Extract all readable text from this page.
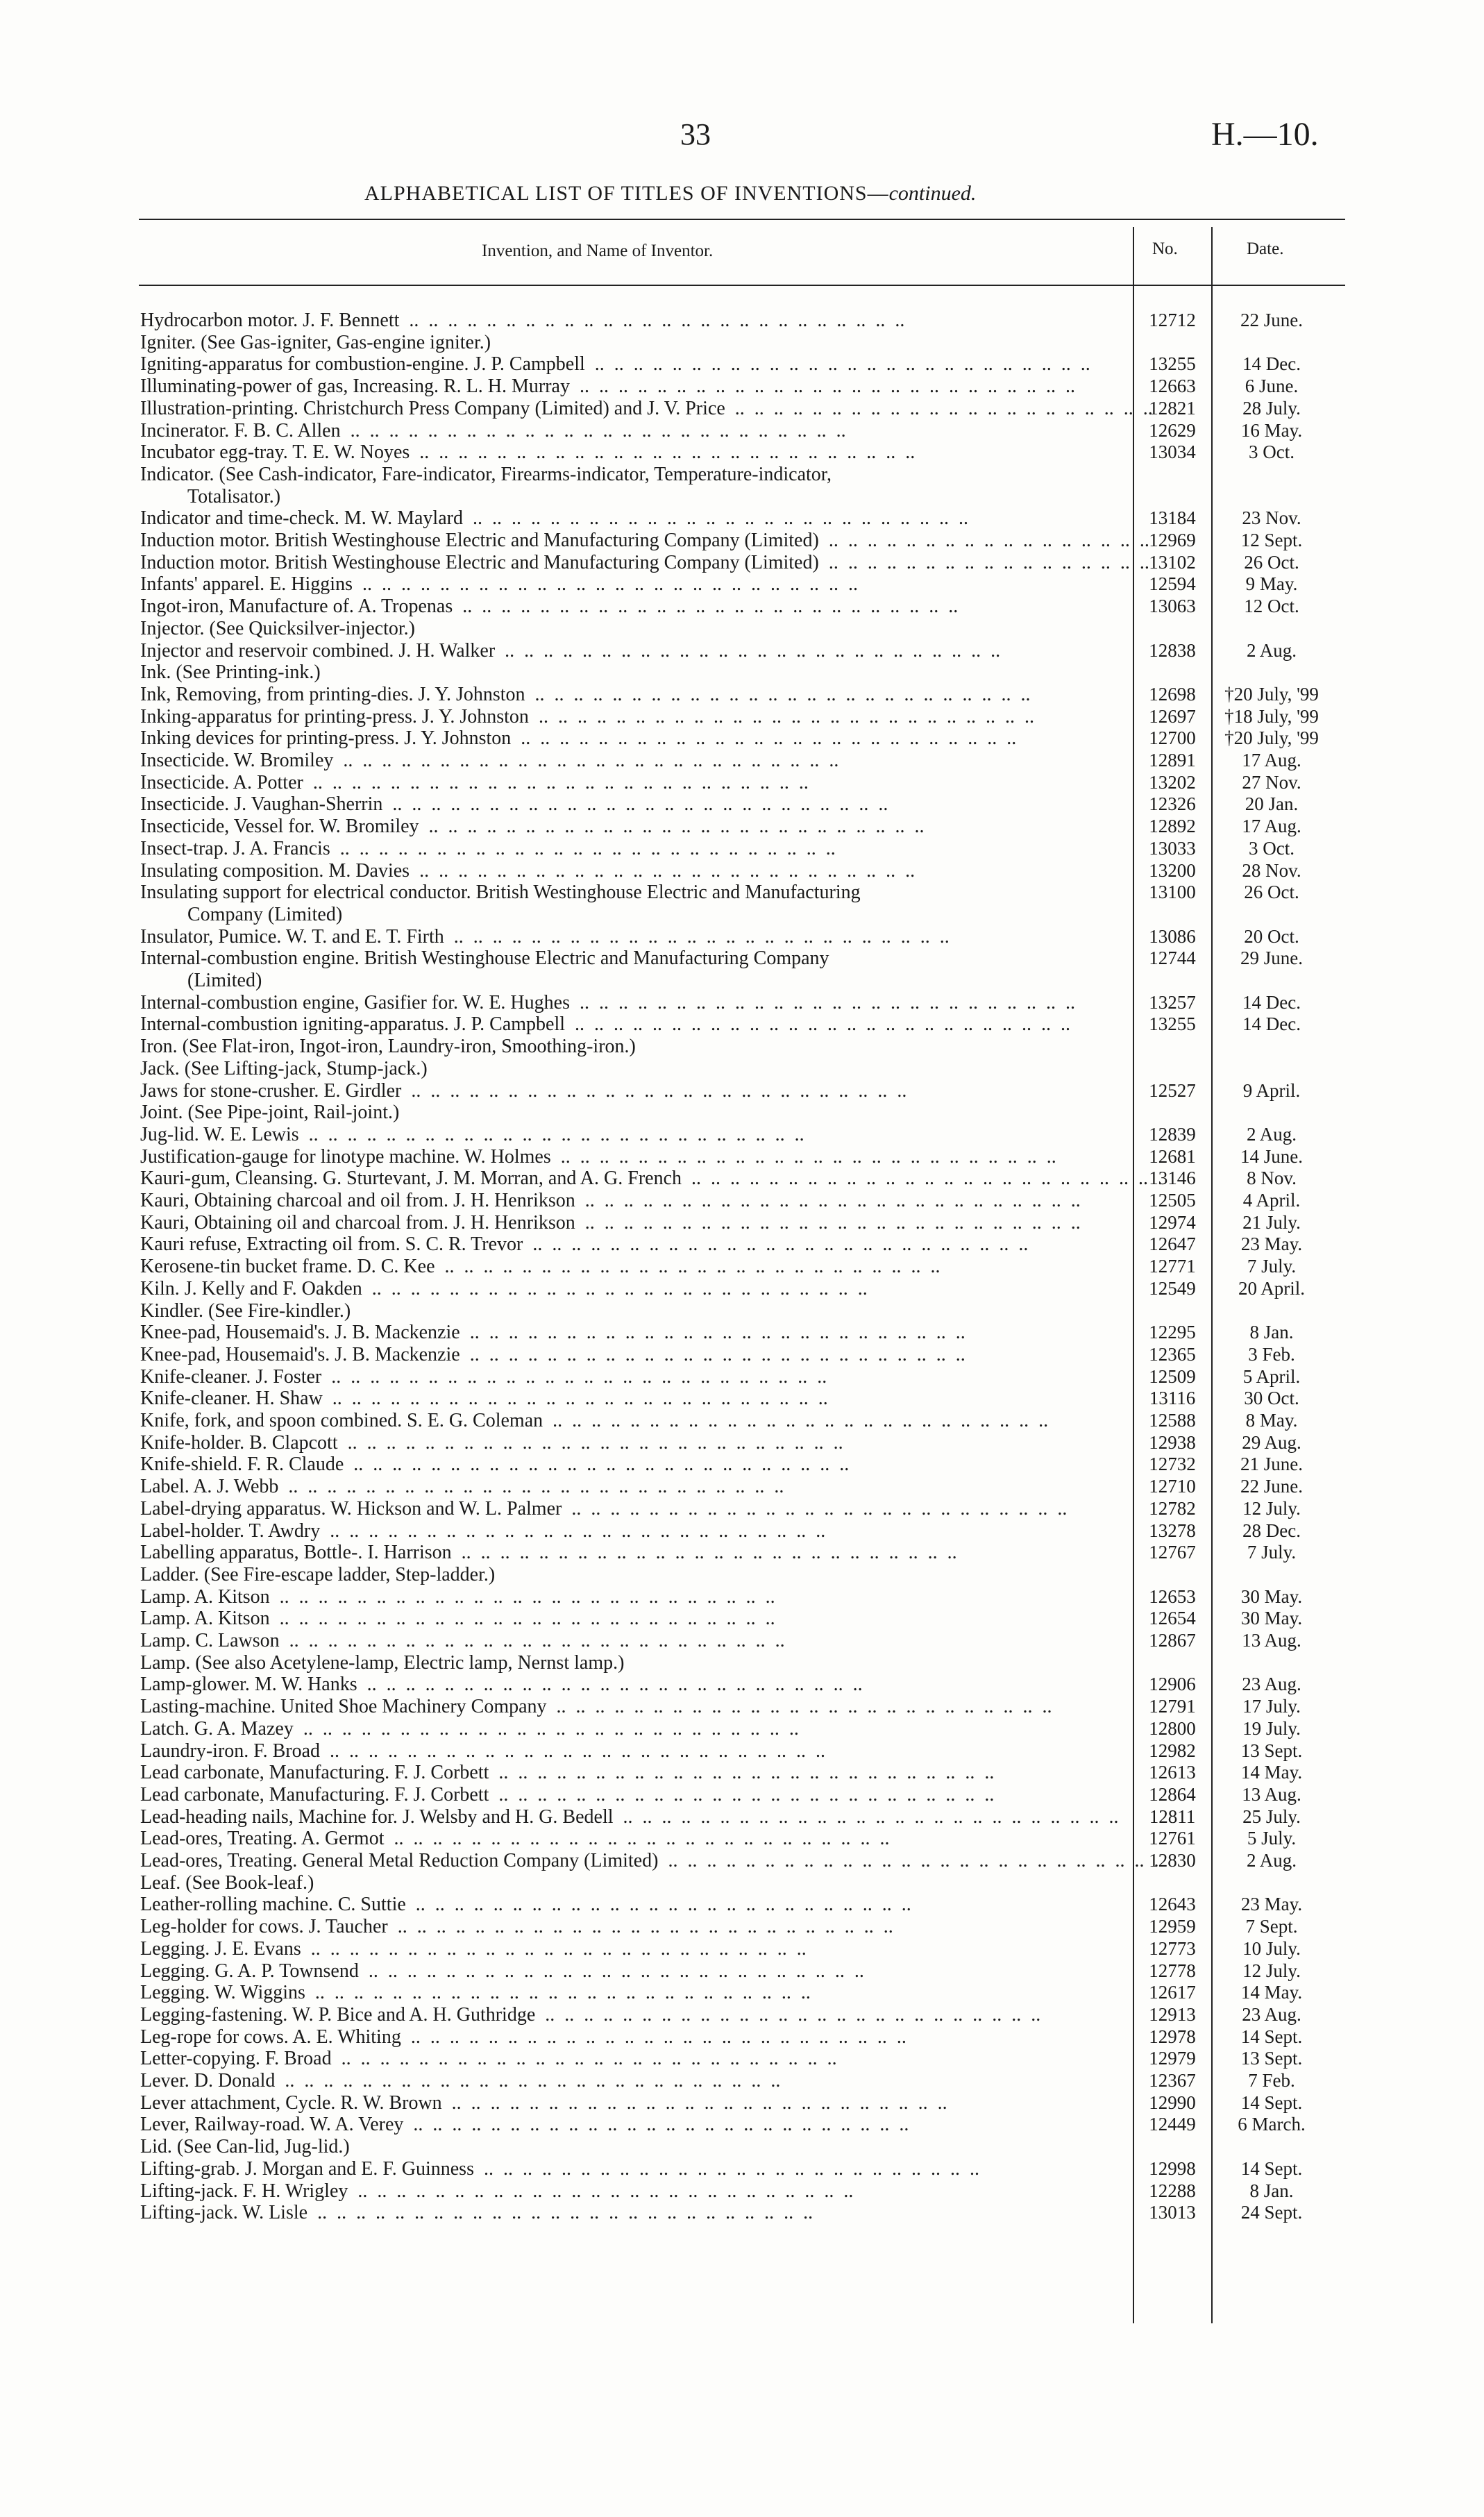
33	H.—10.
ALPHABETICAL LIST OF TITLES OF INVENTIONS—continued.
Invention, and Name of Inventor.	No.	Date.
Hydrocarbon motor. J. F. Bennett .. .	12712	22 June.
Igniter. (See Gas-igniter, Gas-engine igniter.)
Igniting-apparatus for combustion-engine. J. P. Campbell .. .	13255	14 Dec.
Illuminating-power of gas, Increasing. R. L. H. Murray .. .	12663	6 June.
Illustration-printing. Christchurch Press Company (Limited) and J. V. Price .. .	12821	28 July.
Incinerator. F. B. C. Allen .. .	12629	16 May.
Incubator egg-tray. T. E. W. Noyes .. .	13034	3 Oct.
Indicator. (See Cash-indicator, Fare-indicator, Firearms-indicator, Temperature-indicator,
Totalisator.)
Indicator and time-check. M. W. Maylard .. .	13184	23 Nov.
Induction motor. British Westinghouse Electric and Manufacturing Company (Limited) .. .	12969	12 Sept.
Induction motor. British Westinghouse Electric and Manufacturing Company (Limited) .. .	13102	26 Oct.
Infants' apparel. E. Higgins .. .	12594	9 May.
Ingot-iron, Manufacture of. A. Tropenas .. .	13063	12 Oct.
Injector. (See Quicksilver-injector.)
Injector and reservoir combined. J. H. Walker .. .	12838	2 Aug.
Ink. (See Printing-ink.)
Ink, Removing, from printing-dies. J. Y. Johnston .. .	12698	†20 July, '99
Inking-apparatus for printing-press. J. Y. Johnston .. .	12697	†18 July, '99
Inking devices for printing-press. J. Y. Johnston .. .	12700	†20 July, '99
Insecticide. W. Bromiley .. .	12891	17 Aug.
Insecticide. A. Potter .. .	13202	27 Nov.
Insecticide. J. Vaughan-Sherrin .. .	12326	20 Jan.
Insecticide, Vessel for. W. Bromiley .. .	12892	17 Aug.
Insect-trap. J. A. Francis .. .	13033	3 Oct.
Insulating composition. M. Davies .. .	13200	28 Nov.
Insulating support for electrical conductor. British Westinghouse Electric and Manufacturing	13100	26 Oct.
Company (Limited)
Insulator, Pumice. W. T. and E. T. Firth .. .	13086	20 Oct.
Internal-combustion engine. British Westinghouse Electric and Manufacturing Company	12744	29 June.
(Limited)
Internal-combustion engine, Gasifier for. W. E. Hughes .. .	13257	14 Dec.
Internal-combustion igniting-apparatus. J. P. Campbell .. .	13255	14 Dec.
Iron. (See Flat-iron, Ingot-iron, Laundry-iron, Smoothing-iron.)
Jack. (See Lifting-jack, Stump-jack.)
Jaws for stone-crusher. E. Girdler .. .	12527	9 April.
Joint. (See Pipe-joint, Rail-joint.)
Jug-lid. W. E. Lewis .. .	12839	2 Aug.
Justification-gauge for linotype machine. W. Holmes .. .	12681	14 June.
Kauri-gum, Cleansing. G. Sturtevant, J. M. Morran, and A. G. French .. .	13146	8 Nov.
Kauri, Obtaining charcoal and oil from. J. H. Henrikson .. .	12505	4 April.
Kauri, Obtaining oil and charcoal from. J. H. Henrikson .. .	12974	21 July.
Kauri refuse, Extracting oil from. S. C. R. Trevor .. .	12647	23 May.
Kerosene-tin bucket frame. D. C. Kee .. .	12771	7 July.
Kiln. J. Kelly and F. Oakden .. .	12549	20 April.
Kindler. (See Fire-kindler.)
Knee-pad, Housemaid's. J. B. Mackenzie .. .	12295	8 Jan.
Knee-pad, Housemaid's. J. B. Mackenzie .. .	12365	3 Feb.
Knife-cleaner. J. Foster .. .	12509	5 April.
Knife-cleaner. H. Shaw .. .	13116	30 Oct.
Knife, fork, and spoon combined. S. E. G. Coleman .. .	12588	8 May.
Knife-holder. B. Clapcott .. .	12938	29 Aug.
Knife-shield. F. R. Claude .. .	12732	21 June.
Label. A. J. Webb .. .	12710	22 June.
Label-drying apparatus. W. Hickson and W. L. Palmer .. .	12782	12 July.
Label-holder. T. Awdry .. .	13278	28 Dec.
Labelling apparatus, Bottle-. I. Harrison .. .	12767	7 July.
Ladder. (See Fire-escape ladder, Step-ladder.)
Lamp. A. Kitson .. .	12653	30 May.
Lamp. A. Kitson .. .	12654	30 May.
Lamp. C. Lawson .. .	12867	13 Aug.
Lamp. (See also Acetylene-lamp, Electric lamp, Nernst lamp.)
Lamp-glower. M. W. Hanks .. .	12906	23 Aug.
Lasting-machine. United Shoe Machinery Company .. .	12791	17 July.
Latch. G. A. Mazey .. .	12800	19 July.
Laundry-iron. F. Broad .. .	12982	13 Sept.
Lead carbonate, Manufacturing. F. J. Corbett .. .	12613	14 May.
Lead carbonate, Manufacturing. F. J. Corbett .. .	12864	13 Aug.
Lead-heading nails, Machine for. J. Welsby and H. G. Bedell .. .	12811	25 July.
Lead-ores, Treating. A. Germot .. .	12761	5 July.
Lead-ores, Treating. General Metal Reduction Company (Limited) .. .	12830	2 Aug.
Leaf. (See Book-leaf.)
Leather-rolling machine. C. Suttie .. .	12643	23 May.
Leg-holder for cows. J. Taucher .. .	12959	7 Sept.
Legging. J. E. Evans .. .	12773	10 July.
Legging. G. A. P. Townsend .. .	12778	12 July.
Legging. W. Wiggins .. .	12617	14 May.
Legging-fastening. W. P. Bice and A. H. Guthridge .. .	12913	23 Aug.
Leg-rope for cows. A. E. Whiting .. .	12978	14 Sept.
Letter-copying. F. Broad .. .	12979	13 Sept.
Lever. D. Donald .. .	12367	7 Feb.
Lever attachment, Cycle. R. W. Brown .. .	12990	14 Sept.
Lever, Railway-road. W. A. Verey .. .	12449	6 March.
Lid. (See Can-lid, Jug-lid.)
Lifting-grab. J. Morgan and E. F. Guinness .. .	12998	14 Sept.
Lifting-jack. F. H. Wrigley .. .	12288	8 Jan.
Lifting-jack. W. Lisle .. .	13013	24 Sept.
